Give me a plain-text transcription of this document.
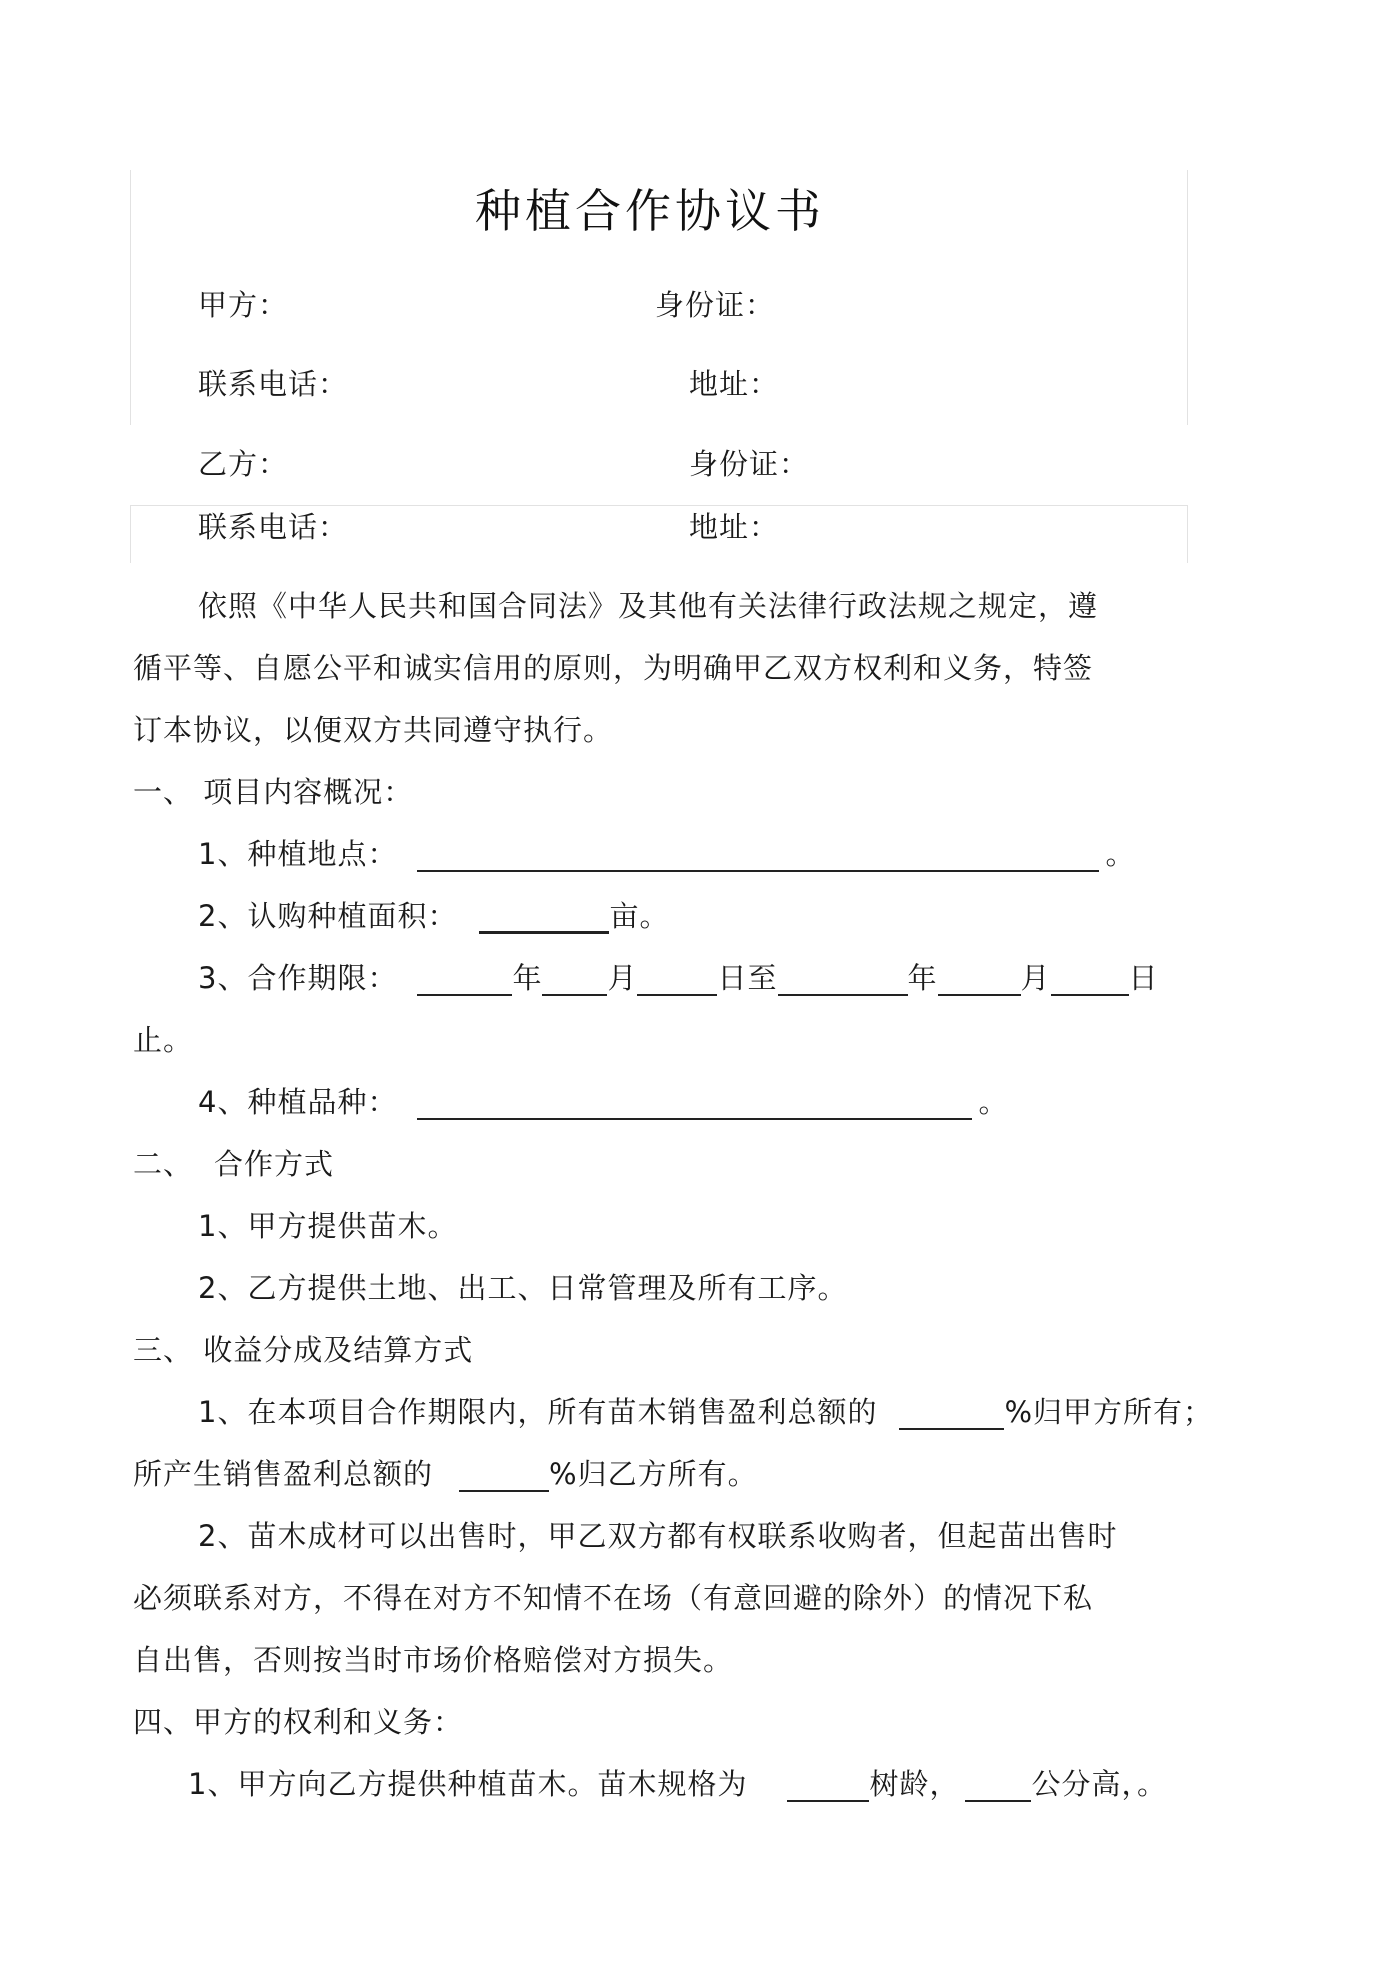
种植合作协议书
甲方：	身份证：
联系电话：	地址：
乙方：	身份证：
联系电话：	地址：
依照《中华人民共和国合同法》及其他有关法律行政法规之规定，遵
循平等、自愿公平和诚实信用的原则，为明确甲乙双方权利和义务，特签
订本协议，以便双方共同遵守执行。
一、 项目内容概况：
1、种植地点：	。
2、认购种植面积：	亩。
3、合作期限：	年 月	日至	年	月	日
止。
4、种植品种：	。
二、 合作方式
1、甲方提供苗木。
2、乙方提供土地、出工、日常管理及所有工序。
三、 收益分成及结算方式
1、在本项目合作期限内，所有苗木销售盈利总额的	%归甲方所有；
所产生销售盈利总额的	%归乙方所有。
2、苗木成材可以出售时，甲乙双方都有权联系收购者，但起苗出售时
必须联系对方，不得在对方不知情不在场（有意回避的除外）的情况下私
自出售，否则按当时市场价格赔偿对方损失。
四、甲方的权利和义务：
1、甲方向乙方提供种植苗木。苗木规格为	树龄， 公分高，。
